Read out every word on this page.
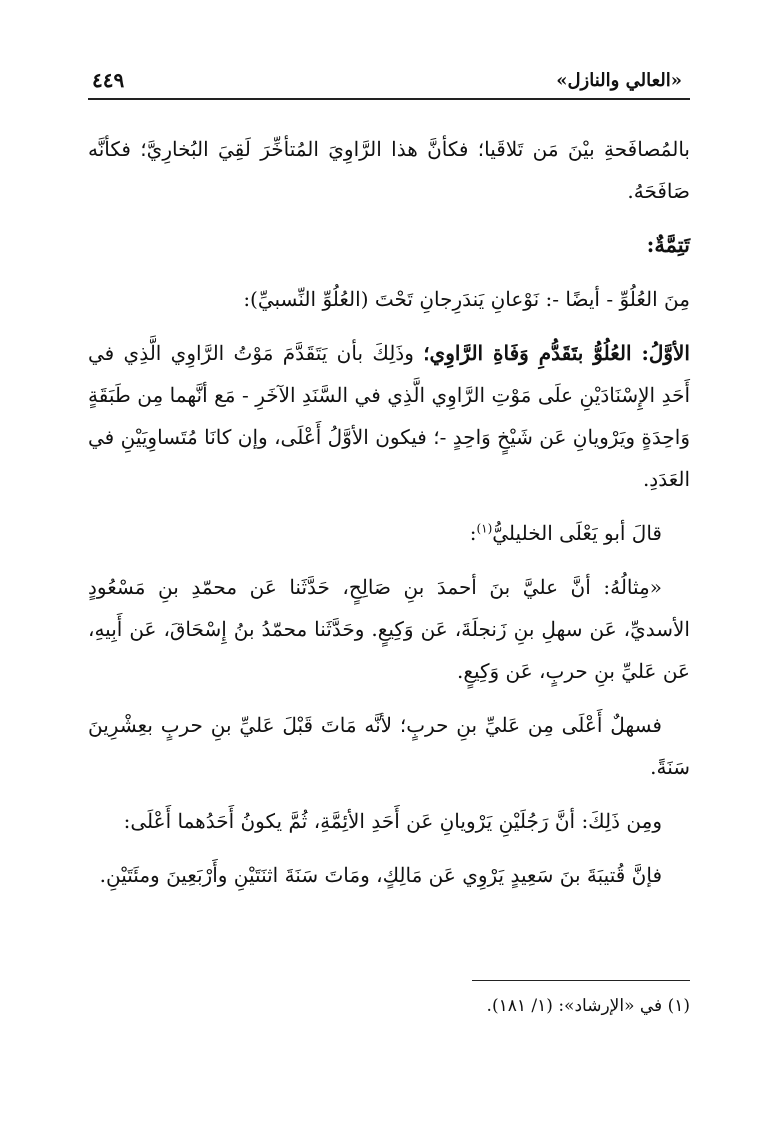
«العالي والنازل»
٤٤٩

بالمُصافَحةِ بيْنَ مَن تَلاقَيا؛ فكأنَّ هذا الرَّاوِيَ المُتأخِّرَ لَقِيَ البُخارِيَّ؛ فكأنَّه صَافَحَهُ.

تَتِمَّةٌ:

مِنَ العُلُوِّ - أيضًا -: نَوْعانِ يَندَرِجانِ تَحْتَ (العُلُوِّ النِّسبيِّ):

الأوَّلُ: العُلُوُّ بتَقَدُّمِ وَفَاةِ الرَّاوِي؛ وذَلِكَ بأن يَتَقَدَّمَ مَوْتُ الرَّاوِي الَّذِي في أَحَدِ الإِسْنَادَيْنِ علَى مَوْتِ الرَّاوِي الَّذِي في السَّنَدِ الآخَرِ - مَع أنَّهما مِن طَبَقَةٍ وَاحِدَةٍ ويَرْويانِ عَن شَيْخٍ وَاحِدٍ -؛ فيكون الأوَّلُ أَعْلَى، وإن كانَا مُتَساوِيَيْنِ في العَدَدِ.

قالَ أبو يَعْلَى الخليليُّ$^{(١)}$:

«مِثالُهُ: أنَّ عليَّ بنَ أحمدَ بنِ صَالِحٍ، حَدَّثَنا عَن محمّدِ بنِ مَسْعُودٍ الأسديِّ، عَن سهلِ بنِ زَنجلَةَ، عَن وَكِيعٍ. وحَدَّثَنا محمّدُ بنُ إِسْحَاقَ، عَن أَبِيهِ، عَن عَليِّ بنِ حربٍ، عَن وَكِيعٍ.

فسهلٌ أَعْلَى مِن عَليِّ بنِ حربٍ؛ لأنَّه مَاتَ قَبْلَ عَليِّ بنِ حربٍ بعِشْرِينَ سَنَةً.

ومِن ذَلِكَ: أنَّ رَجُلَيْنِ يَرْويانِ عَن أَحَدِ الأئِمَّةِ، ثُمَّ يكونُ أَحَدُهما أَعْلَى:

فإنَّ قُتيبَةَ بنَ سَعِيدٍ يَرْوِي عَن مَالِكٍ، ومَاتَ سَنَةَ اثنَتَيْنِ وأَرْبَعِينَ ومئَتَيْنِ.

(١) في «الإرشاد»: (١/ ١٨١).
